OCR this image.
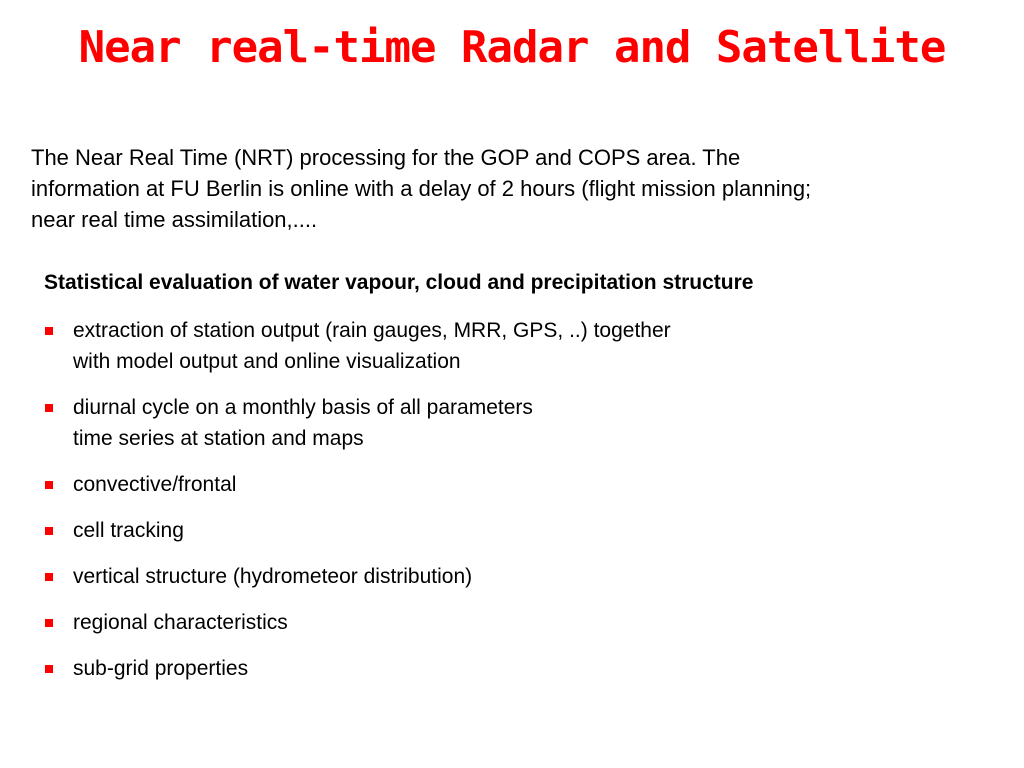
Near real-time Radar and Satellite
The Near Real Time (NRT) processing for the GOP and COPS area. The
information at FU Berlin is online with a delay of 2 hours (flight mission planning;
near real time assimilation,....
Statistical evaluation of water vapour, cloud and precipitation structure
extraction of station output (rain gauges, MRR, GPS, ..) together
with model output and online visualization
diurnal cycle on a monthly basis of all parameters
time series at station and maps
convective/frontal
cell tracking
vertical structure (hydrometeor distribution)
regional characteristics
sub-grid properties
